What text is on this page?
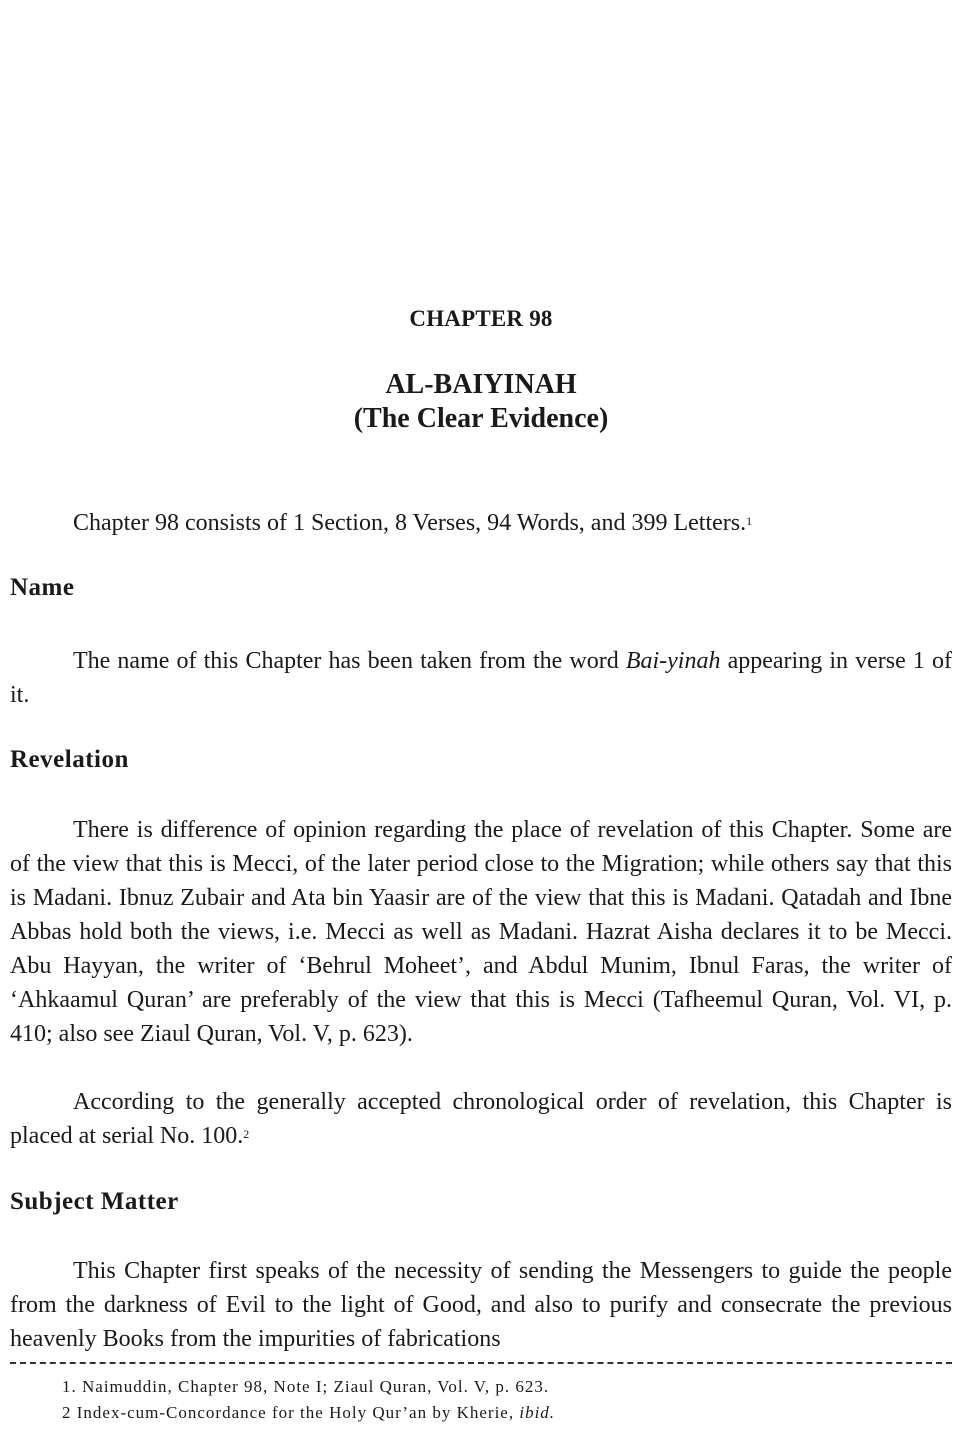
CHAPTER 98
AL-BAIYINAH
(The Clear Evidence)

Chapter 98 consists of 1 Section, 8 Verses, 94 Words, and 399 Letters.$^1$

Name

The name of this Chapter has been taken from the word Bai-yinah appearing in verse 1 of it.

Revelation

There is difference of opinion regarding the place of revelation of this Chapter. Some are of the view that this is Mecci, of the later period close to the Migration; while others say that this is Madani. Ibnuz Zubair and Ata bin Yaasir are of the view that this is Madani. Qatadah and Ibne Abbas hold both the views, i.e. Mecci as well as Madani. Hazrat Aisha declares it to be Mecci. Abu Hayyan, the writer of ‘Behrul Moheet’, and Abdul Munim, Ibnul Faras, the writer of ‘Ahkaamul Quran’ are preferably of the view that this is Mecci (Tafheemul Quran, Vol. VI, p. 410; also see Ziaul Quran, Vol. V, p. 623).

According to the generally accepted chronological order of revelation, this Chapter is placed at serial No. 100.$^2$

Subject Matter

This Chapter first speaks of the necessity of sending the Messengers to guide the people from the darkness of Evil to the light of Good, and also to purify and consecrate the previous heavenly Books from the impurities of fabrications

1. Naimuddin, Chapter 98, Note I; Ziaul Quran, Vol. V, p. 623.
2 Index-cum-Concordance for the Holy Qur’an by Kherie, ibid.
